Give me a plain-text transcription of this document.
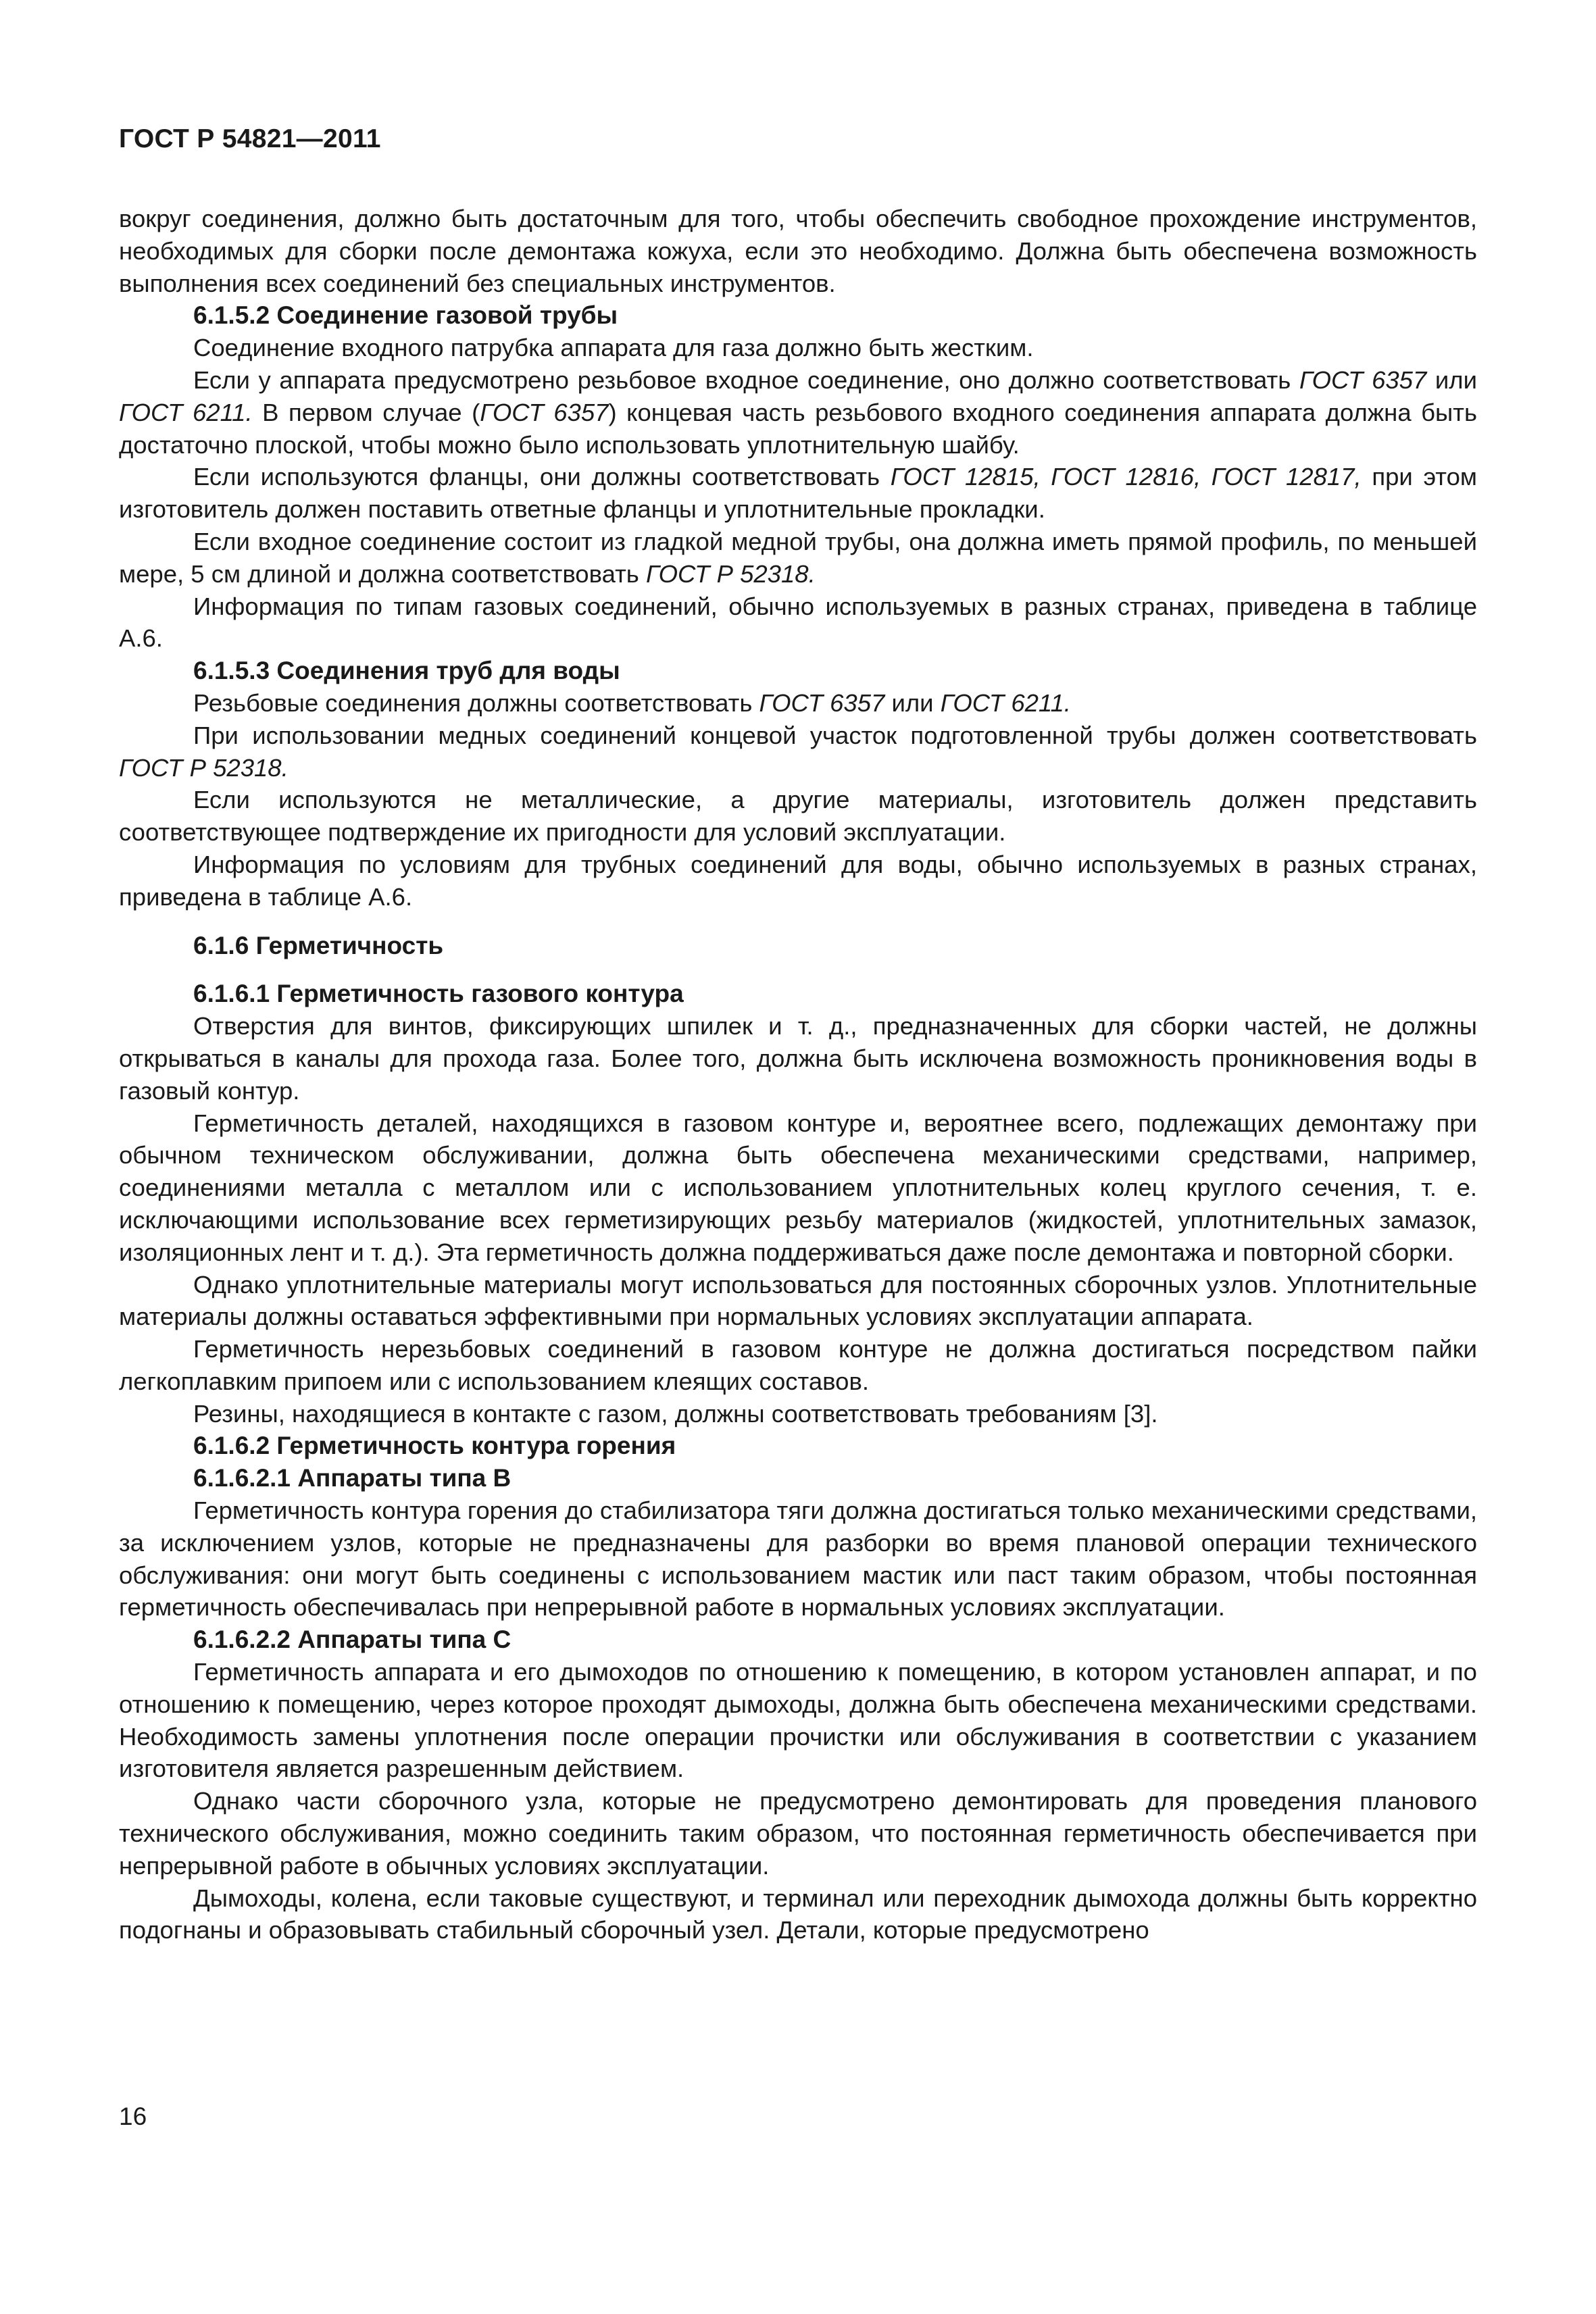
ГОСТ Р 54821—2011

вокруг соединения, должно быть достаточным для того, чтобы обеспечить свободное прохождение инструментов, необходимых для сборки после демонтажа кожуха, если это необходимо. Должна быть обеспечена возможность выполнения всех соединений без специальных инструментов.

6.1.5.2 Соединение газовой трубы

Соединение входного патрубка аппарата для газа должно быть жестким.

Если у аппарата предусмотрено резьбовое входное соединение, оно должно соответствовать ГОСТ 6357 или ГОСТ 6211. В первом случае (ГОСТ 6357) концевая часть резьбового входного соединения аппарата должна быть достаточно плоской, чтобы можно было использовать уплотнительную шайбу.

Если используются фланцы, они должны соответствовать ГОСТ 12815, ГОСТ 12816, ГОСТ 12817, при этом изготовитель должен поставить ответные фланцы и уплотнительные прокладки.

Если входное соединение состоит из гладкой медной трубы, она должна иметь прямой профиль, по меньшей мере, 5 см длиной и должна соответствовать ГОСТ Р 52318.

Информация по типам газовых соединений, обычно используемых в разных странах, приведена в таблице А.6.

6.1.5.3 Соединения труб для воды

Резьбовые соединения должны соответствовать ГОСТ 6357 или ГОСТ 6211.

При использовании медных соединений концевой участок подготовленной трубы должен соответствовать ГОСТ Р 52318.

Если используются не металлические, а другие материалы, изготовитель должен представить соответствующее подтверждение их пригодности для условий эксплуатации.

Информация по условиям для трубных соединений для воды, обычно используемых в разных странах, приведена в таблице А.6.

6.1.6 Герметичность
6.1.6.1 Герметичность газового контура

Отверстия для винтов, фиксирующих шпилек и т. д., предназначенных для сборки частей, не должны открываться в каналы для прохода газа. Более того, должна быть исключена возможность проникновения воды в газовый контур.

Герметичность деталей, находящихся в газовом контуре и, вероятнее всего, подлежащих демонтажу при обычном техническом обслуживании, должна быть обеспечена механическими средствами, например, соединениями металла с металлом или с использованием уплотнительных колец круглого сечения, т. е. исключающими использование всех герметизирующих резьбу материалов (жидкостей, уплотнительных замазок, изоляционных лент и т. д.). Эта герметичность должна поддерживаться даже после демонтажа и повторной сборки.

Однако уплотнительные материалы могут использоваться для постоянных сборочных узлов. Уплотнительные материалы должны оставаться эффективными при нормальных условиях эксплуатации аппарата.

Герметичность нерезьбовых соединений в газовом контуре не должна достигаться посредством пайки легкоплавким припоем или с использованием клеящих составов.

Резины, находящиеся в контакте с газом, должны соответствовать требованиям [3].

6.1.6.2 Герметичность контура горения
6.1.6.2.1 Аппараты типа В

Герметичность контура горения до стабилизатора тяги должна достигаться только механическими средствами, за исключением узлов, которые не предназначены для разборки во время плановой операции технического обслуживания: они могут быть соединены с использованием мастик или паст таким образом, чтобы постоянная герметичность обеспечивалась при непрерывной работе в нормальных условиях эксплуатации.

6.1.6.2.2 Аппараты типа С

Герметичность аппарата и его дымоходов по отношению к помещению, в котором установлен аппарат, и по отношению к помещению, через которое проходят дымоходы, должна быть обеспечена механическими средствами. Необходимость замены уплотнения после операции прочистки или обслуживания в соответствии с указанием изготовителя является разрешенным действием.

Однако части сборочного узла, которые не предусмотрено демонтировать для проведения планового технического обслуживания, можно соединить таким образом, что постоянная герметичность обеспечивается при непрерывной работе в обычных условиях эксплуатации.

Дымоходы, колена, если таковые существуют, и терминал или переходник дымохода должны быть корректно подогнаны и образовывать стабильный сборочный узел. Детали, которые предусмотрено

16
